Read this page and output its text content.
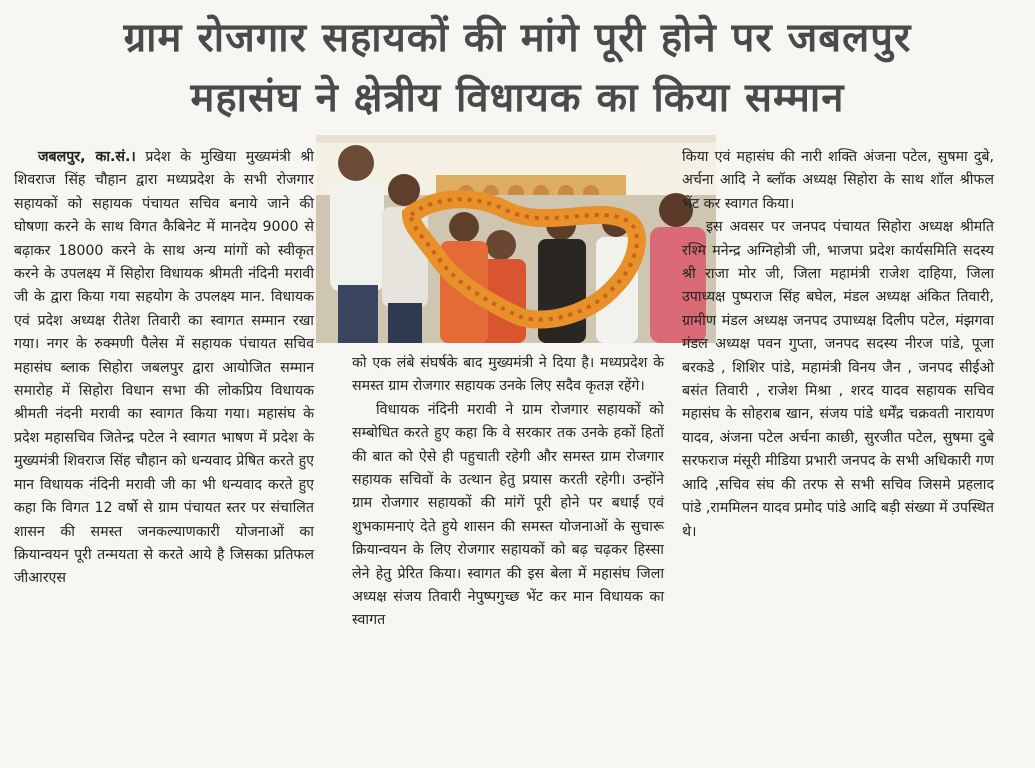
ग्राम रोजगार सहायकों की मांगे पूरी होने पर जबलपुर
महासंघ ने क्षेत्रीय विधायक का किया सम्मान

जबलपुर, का.सं.। प्रदेश के मुखिया मुख्यमंत्री श्री शिवराज सिंह चौहान द्वारा मध्यप्रदेश के सभी रोजगार सहायकों को सहायक पंचायत सचिव बनाये जाने की घोषणा करने के साथ विगत कैबिनेट में मानदेय 9000 से बढ़ाकर 18000 करने के साथ अन्य मांगों को स्वीकृत करने के उपलक्ष्य में सिहोरा विधायक श्रीमती नंदिनी मरावी जी के द्वारा किया गया सहयोग के उपलक्ष्य मान. विधायक एवं प्रदेश अध्यक्ष रीतेश तिवारी का स्वागत सम्मान रखा गया। नगर के रुक्मणी पैलेस में सहायक पंचायत सचिव महासंघ ब्लाक सिहोरा जबलपुर द्वारा आयोजित सम्मान समारोह में सिहोरा विधान सभा की लोकप्रिय विधायक श्रीमती नंदनी मरावी का स्वागत किया गया। महासंघ के प्रदेश महासचिव जितेन्द्र पटेल ने स्वागत भाषण में प्रदेश के मुख्यमंत्री शिवराज सिंह चौहान को धन्यवाद प्रेषित करते हुए मान विधायक नंदिनी मरावी जी का भी धन्यवाद करते हुए कहा कि विगत 12 वर्षो से ग्राम पंचायत स्तर पर संचालित शासन की समस्त जनकल्याणकारी योजनाओं का क्रियान्वयन पूरी तन्मयता से करते आये है जिसका प्रतिफल जीआरएस

को एक लंबे संघर्षके बाद मुख्यमंत्री ने दिया है। मध्यप्रदेश के समस्त ग्राम रोजगार सहायक उनके लिए सदैव कृतज्ञ रहेंगे।

विधायक नंदिनी मरावी ने ग्राम रोजगार सहायकों को सम्बोधित करते हुए कहा कि वे सरकार तक उनके हकों हितों की बात को ऐसे ही पहुचाती रहेगी और समस्त ग्राम रोजगार सहायक सचिवों के उत्थान हेतु प्रयास करती रहेगी। उन्होंने ग्राम रोजगार सहायकों की मांगें पूरी होने पर बधाई एवं शुभकामनाएं देते हुये शासन की समस्त योजनाओं के सुचारू क्रियान्वयन के लिए रोजगार सहायकों को बढ़ चढ़कर हिस्सा लेने हेतु प्रेरित किया। स्वागत की इस बेला में महासंघ जिला अध्यक्ष संजय तिवारी नेपुष्पगुच्छ भेंट कर मान विधायक का स्वागत

किया एवं महासंघ की नारी शक्ति अंजना पटेल, सुषमा दुबे, अर्चना आदि ने ब्लॉक अध्यक्ष सिहोरा के साथ शॉल श्रीफल भेंट कर स्वागत किया।

इस अवसर पर जनपद पंचायत सिहोरा अध्यक्ष श्रीमति रश्मि मनेन्द्र अग्निहोत्री जी, भाजपा प्रदेश कार्यसमिति सदस्य श्री राजा मोर जी, जिला महामंत्री राजेश दाहिया, जिला उपाध्यक्ष पुष्पराज सिंह बघेल, मंडल अध्यक्ष अंकित तिवारी, ग्रामीण मंडल अध्यक्ष जनपद उपाध्यक्ष दिलीप पटेल, मंझगवा मंडल अध्यक्ष पवन गुप्ता, जनपद सदस्य नीरज पांडे, पूजा बरकडे , शिशिर पांडे, महामंत्री विनय जैन , जनपद सीईओ बसंत तिवारी , राजेश मिश्रा , शरद यादव सहायक सचिव महासंघ के सोहराब खान, संजय पांडे धर्मेंद्र चक्रवती नारायण यादव, अंजना पटेल अर्चना काछी, सुरजीत पटेल, सुषमा दुबे सरफराज मंसूरी मीडिया प्रभारी जनपद के सभी अधिकारी गण आदि ,सचिव संघ की तरफ से सभी सचिव जिसमे प्रहलाद पांडे ,राममिलन यादव प्रमोद पांडे आदि बड़ी संख्या में उपस्थित थे।
